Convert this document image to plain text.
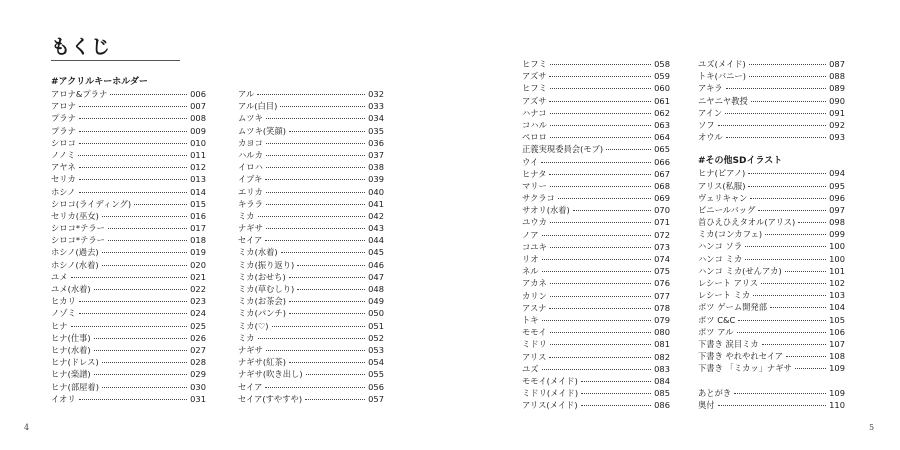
もくじ
#アクリルキーホルダー
アロナ&プラナ	006
アロナ	007
プラナ	008
プラナ	009
シロコ	010
ノノミ	011
アヤネ	012
セリカ	013
ホシノ	014
シロコ(ライディング)	015
セリカ(巫女)	016
シロコ*テラー	017
シロコ*テラー	018
ホシノ(過去)	019
ホシノ(水着)	020
ユメ	021
ユメ(水着)	022
ヒカリ	023
ノゾミ	024
ヒナ	025
ヒナ(仕事)	026
ヒナ(水着)	027
ヒナ(ドレス)	028
ヒナ(楽譜)	029
ヒナ(部屋着)	030
イオリ	031
アル	032
アル(白目)	033
ムツキ	034
ムツキ(笑顔)	035
カヨコ	036
ハルカ	037
イロハ	038
イブキ	039
エリカ	040
キララ	041
ミカ	042
ナギサ	043
セイア	044
ミカ(水着)	045
ミカ(振り返り)	046
ミカ(おせち)	047
ミカ(草むしり)	048
ミカ(お茶会)	049
ミカ(パンチ)	050
ミカ(♡)	051
ミカ	052
ナギサ	053
ナギサ(紅茶)	054
ナギサ(吹き出し)	055
セイア	056
セイア(すやすや)	057
4	5
ヒフミ	058
アズサ	059
ヒフミ	060
アズサ	061
ハナコ	062
コハル	063
ペロロ	064
正義実現委員会(モブ)	065
ウイ	066
ヒナタ	067
マリー	068
サクラコ	069
サオリ(水着)	070
ユウカ	071
ノア	072
コユキ	073
リオ	074
ネル	075
アカネ	076
カリン	077
アスナ	078
トキ	079
モモイ	080
ミドリ	081
アリス	082
ユズ	083
モモイ(メイド)	084
ミドリ(メイド)	085
アリス(メイド)	086
ユズ(メイド)	087
トキ(バニー)	088
アキラ	089
ニヤニヤ教授	090
アイン	091
ソフ	092
オウル	093
#その他SDイラスト
ヒナ(ピアノ)	094
アリス(私服)	095
ヴェリキャン	096
ビニールバッグ	097
首ひえひえタオル(アリス)	098
ミカ(コンカフェ)	099
ハンコ ソラ	100
ハンコ ミカ	100
ハンコ ミカ(せんアカ)	101
レシート アリス	102
レシート ミカ	103
ポツ ゲーム開発部	104
ポツ C&C	105
ポツ アル	106
下書き 涙目ミカ	107
下書き やれやれセイア	108
下書き 「ミカッ」ナギサ	109
あとがき	109
奥付	110
